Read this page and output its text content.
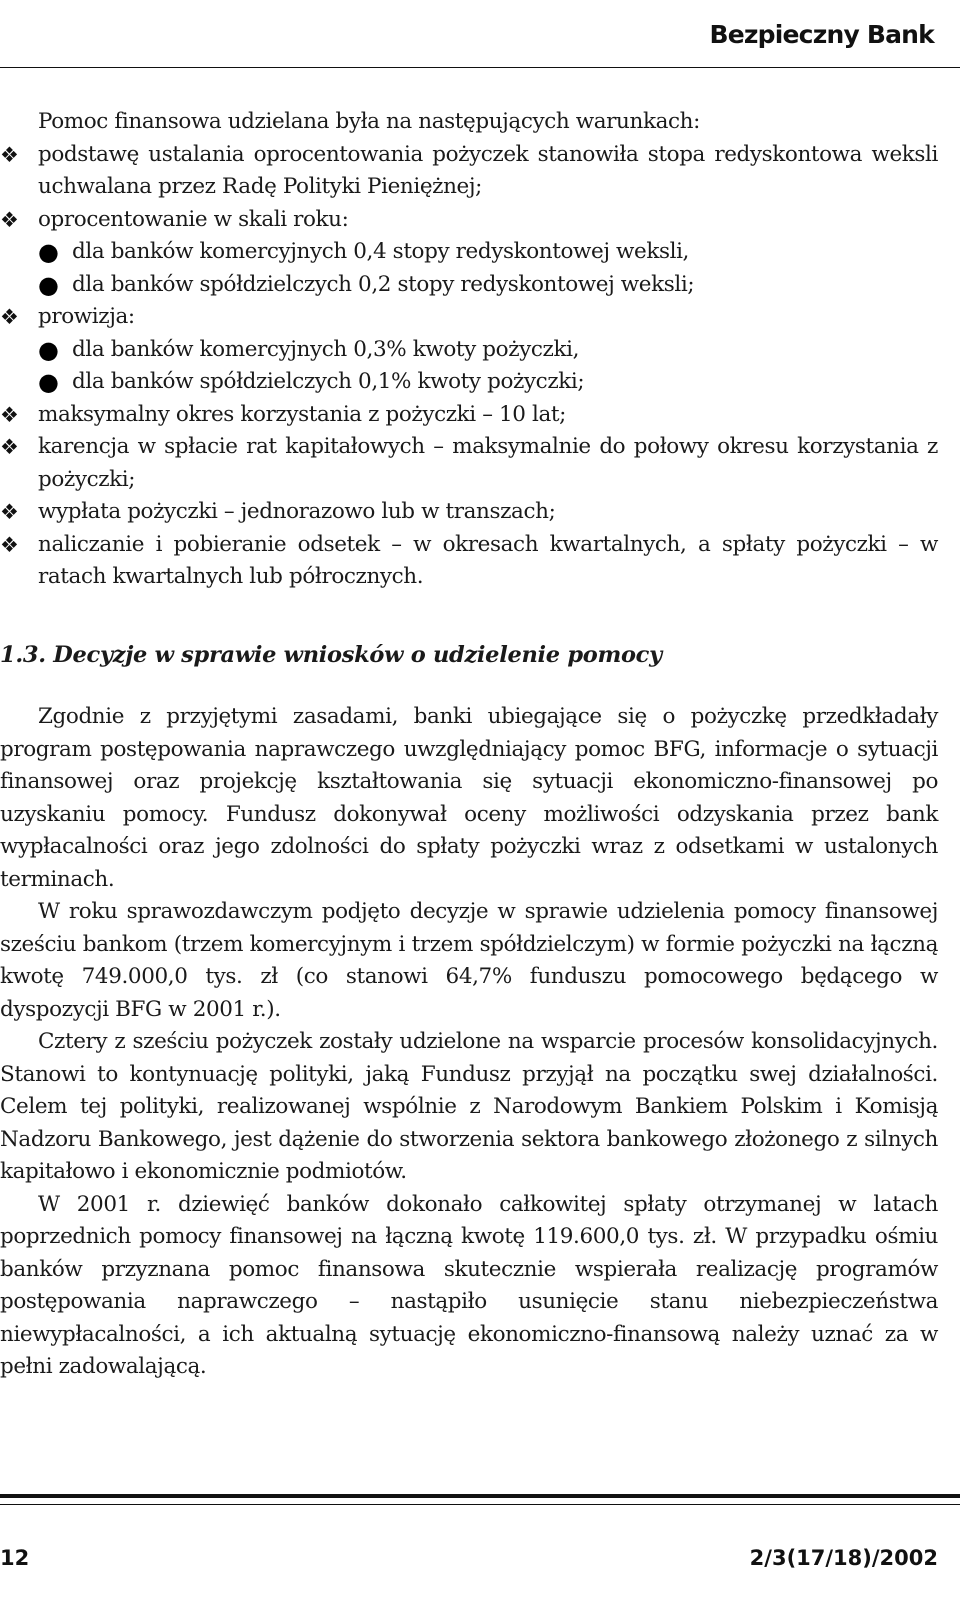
Bezpieczny Bank

Pomoc finansowa udzielana była na następujących warunkach:

❖ podstawę ustalania oprocentowania pożyczek stanowiła stopa redyskontowa weksli uchwalana przez Radę Polityki Pieniężnej;
❖ oprocentowanie w skali roku:
● dla banków komercyjnych 0,4 stopy redyskontowej weksli,
● dla banków spółdzielczych 0,2 stopy redyskontowej weksli;
❖ prowizja:
● dla banków komercyjnych 0,3% kwoty pożyczki,
● dla banków spółdzielczych 0,1% kwoty pożyczki;
❖ maksymalny okres korzystania z pożyczki – 10 lat;
❖ karencja w spłacie rat kapitałowych – maksymalnie do połowy okresu korzystania z pożyczki;
❖ wypłata pożyczki – jednorazowo lub w transzach;
❖ naliczanie i pobieranie odsetek – w okresach kwartalnych, a spłaty pożyczki – w ratach kwartalnych lub półrocznych.

1.3. Decyzje w sprawie wniosków o udzielenie pomocy

Zgodnie z przyjętymi zasadami, banki ubiegające się o pożyczkę przedkładały program postępowania naprawczego uwzględniający pomoc BFG, informacje o sytuacji finansowej oraz projekcję kształtowania się sytuacji ekonomiczno-finansowej po uzyskaniu pomocy. Fundusz dokonywał oceny możliwości odzyskania przez bank wypłacalności oraz jego zdolności do spłaty pożyczki wraz z odsetkami w ustalonych terminach.

W roku sprawozdawczym podjęto decyzje w sprawie udzielenia pomocy finansowej sześciu bankom (trzem komercyjnym i trzem spółdzielczym) w formie pożyczki na łączną kwotę 749.000,0 tys. zł (co stanowi 64,7% funduszu pomocowego będącego w dyspozycji BFG w 2001 r.).

Cztery z sześciu pożyczek zostały udzielone na wsparcie procesów konsolidacyjnych. Stanowi to kontynuację polityki, jaką Fundusz przyjął na początku swej działalności. Celem tej polityki, realizowanej wspólnie z Narodowym Bankiem Polskim i Komisją Nadzoru Bankowego, jest dążenie do stworzenia sektora bankowego złożonego z silnych kapitałowo i ekonomicznie podmiotów.

W 2001 r. dziewięć banków dokonało całkowitej spłaty otrzymanej w latach poprzednich pomocy finansowej na łączną kwotę 119.600,0 tys. zł. W przypadku ośmiu banków przyznana pomoc finansowa skutecznie wspierała realizację programów postępowania naprawczego – nastąpiło usunięcie stanu niebezpieczeństwa niewypłacalności, a ich aktualną sytuację ekonomiczno-finansową należy uznać za w pełni zadowalającą.

12	2/3(17/18)/2002
